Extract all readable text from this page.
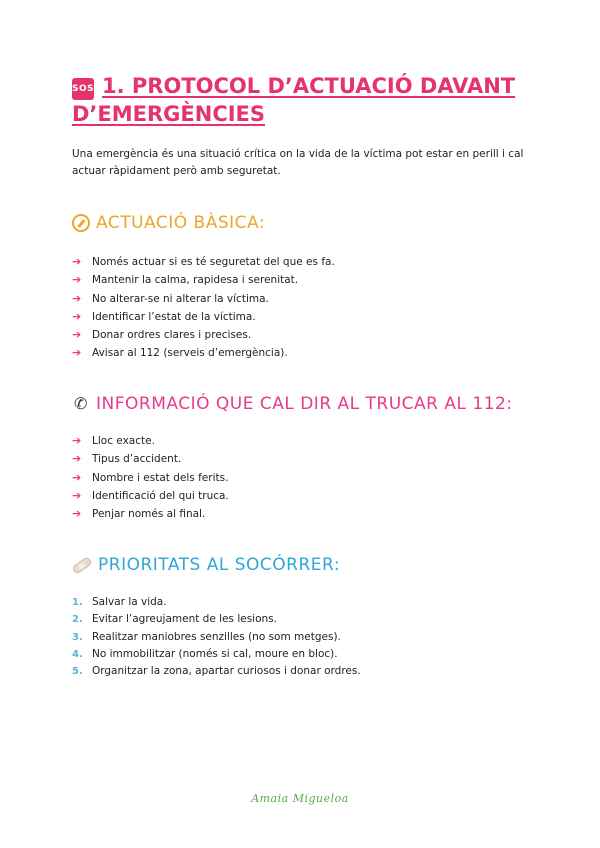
SOS 1. PROTOCOL D’ACTUACIÓ DAVANT D’EMERGÈNCIES

Una emergència és una situació crítica on la vida de la víctima pot estar en perill i cal actuar ràpidament però amb seguretat.

ACTUACIÓ BÀSICA:
➔	Només actuar si es té seguretat del que es fa.
➔	Mantenir la calma, rapidesa i serenitat.
➔	No alterar-se ni alterar la víctima.
➔	Identificar l’estat de la víctima.
➔	Donar ordres clares i precises.
➔	Avisar al 112 (serveis d’emergència).
✆ INFORMACIÓ QUE CAL DIR AL TRUCAR AL 112:
➔	Lloc exacte.
➔	Tipus d’accident.
➔	Nombre i estat dels ferits.
➔	Identificació del qui truca.
➔	Penjar només al final.
PRIORITATS AL SOCÓRRER:
1. Salvar la vida.
2. Evitar l’agreujament de les lesions.
3. Realitzar maniobres senzilles (no som metges).
4. No immobilitzar (només si cal, moure en bloc).
5. Organitzar la zona, apartar curiosos i donar ordres.
Amaia Migueloa
